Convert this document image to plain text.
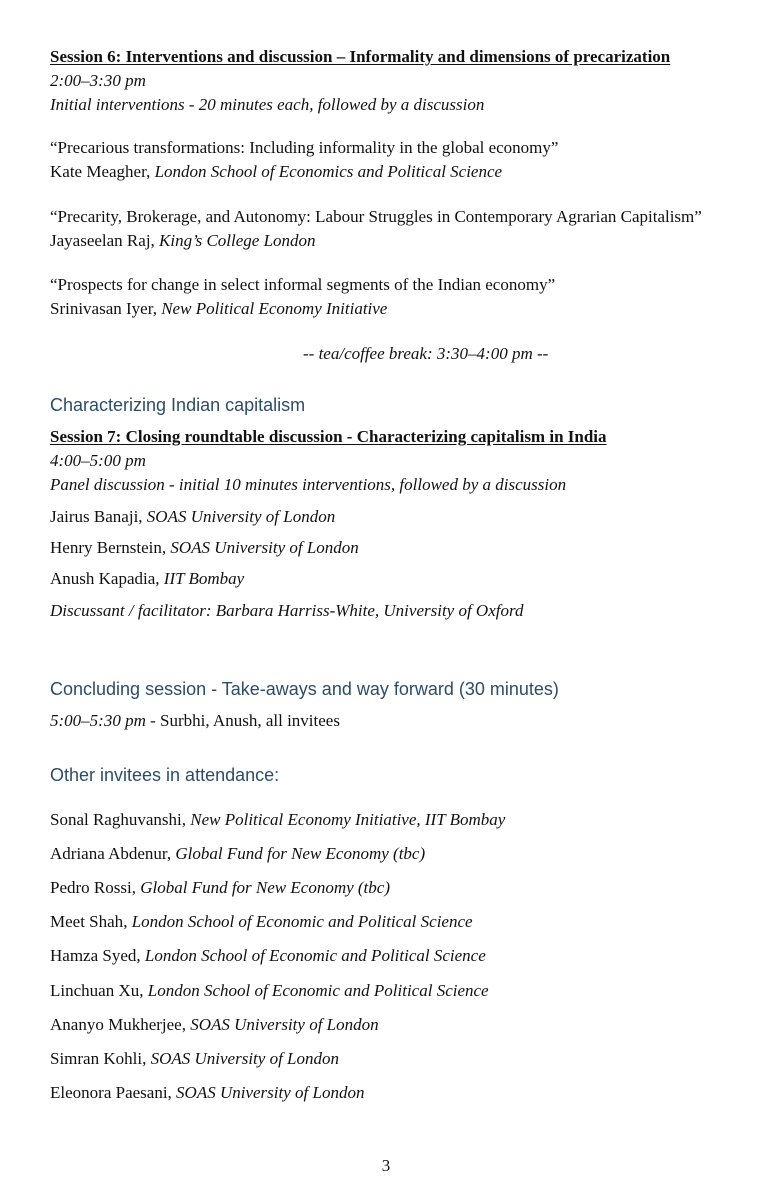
Session 6: Interventions and discussion – Informality and dimensions of precarization
2:00–3:30 pm
Initial interventions - 20 minutes each, followed by a discussion
“Precarious transformations: Including informality in the global economy”
Kate Meagher, London School of Economics and Political Science
“Precarity, Brokerage, and Autonomy: Labour Struggles in Contemporary Agrarian Capitalism”
Jayaseelan Raj, King’s College London
“Prospects for change in select informal segments of the Indian economy”
Srinivasan Iyer, New Political Economy Initiative
-- tea/coffee break: 3:30–4:00 pm --
Characterizing Indian capitalism
Session 7: Closing roundtable discussion - Characterizing capitalism in India
4:00–5:00 pm
Panel discussion - initial 10 minutes interventions, followed by a discussion
Jairus Banaji, SOAS University of London
Henry Bernstein, SOAS University of London
Anush Kapadia, IIT Bombay
Discussant / facilitator: Barbara Harriss-White, University of Oxford
Concluding session - Take-aways and way forward (30 minutes)
5:00–5:30 pm - Surbhi, Anush, all invitees
Other invitees in attendance:
Sonal Raghuvanshi, New Political Economy Initiative, IIT Bombay
Adriana Abdenur, Global Fund for New Economy (tbc)
Pedro Rossi, Global Fund for New Economy (tbc)
Meet Shah, London School of Economic and Political Science
Hamza Syed, London School of Economic and Political Science
Linchuan Xu, London School of Economic and Political Science
Ananyo Mukherjee, SOAS University of London
Simran Kohli, SOAS University of London
Eleonora Paesani, SOAS University of London
3
